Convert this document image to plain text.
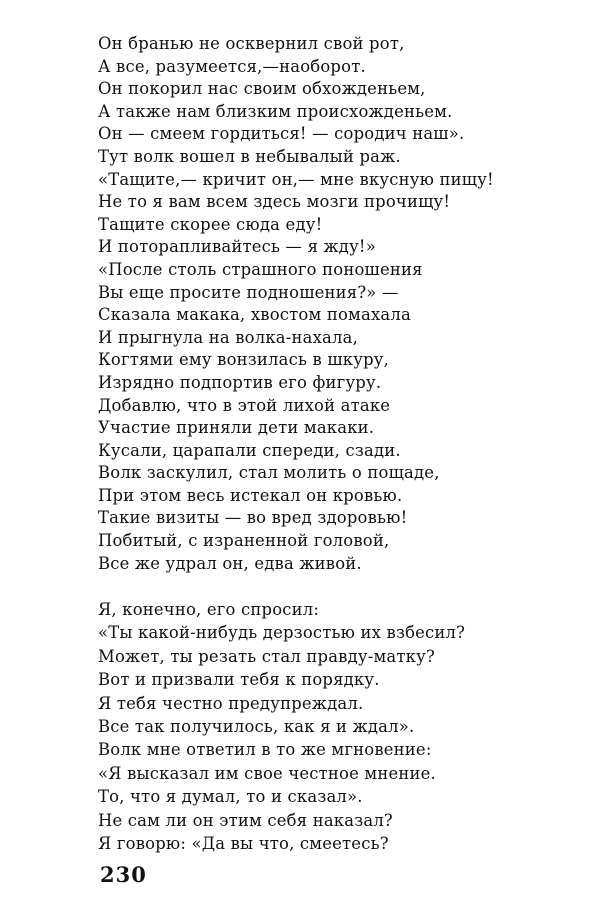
Он бранью не осквернил свой рот,
А все, разумеется,—наоборот.
Он покорил нас своим обхожденьем,
А также нам близким происхожденьем.
Он — смеем гордиться! — сородич наш».
Тут волк вошел в небывалый раж.
«Тащите,— кричит он,— мне вкусную пищу!
Не то я вам всем здесь мозги прочищу!
Тащите скорее сюда еду!
И поторапливайтесь — я жду!»
«После столь страшного поношения
Вы еще просите подношения?» —
Сказала макака, хвостом помахала
И прыгнула на волка-нахала,
Когтями ему вонзилась в шкуру,
Изрядно подпортив его фигуру.
Добавлю, что в этой лихой атаке
Участие приняли дети макаки.
Кусали, царапали спереди, сзади.
Волк заскулил, стал молить о пощаде,
При этом весь истекал он кровью.
Такие визиты — во вред здоровью!
Побитый, с израненной головой,
Все же удрал он, едва живой.
Я, конечно, его спросил:
«Ты какой-нибудь дерзостью их взбесил?
Может, ты резать стал правду-матку?
Вот и призвали тебя к порядку.
Я тебя честно предупреждал.
Все так получилось, как я и ждал».
Волк мне ответил в то же мгновение:
«Я высказал им свое честное мнение.
То, что я думал, то и сказал».
Не сам ли он этим себя наказал?
Я говорю: «Да вы что, смеетесь?
230
